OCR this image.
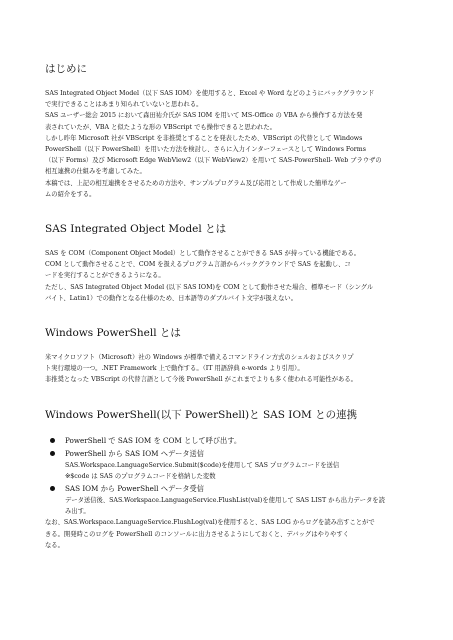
はじめに

SAS Integrated Object Model（以下 SAS IOM）を使用すると、Excel や Word などのようにバックグラウンド

で実行できることはあまり知られていないと思われる。

SAS ユーザー総会 2015 において森田祐介氏が SAS IOM を用いて MS-Office の VBA から操作する方法を発

表されていたが、VBA と似たような形の VBScript でも操作できると思われた。

しかし昨年 Microsoft 社が VBScript を非推奨とすることを発表したため、VBScript の代替として Windows

PowerShell（以下 PowerShell）を用いた方法を検討し、さらに入力インターフェースとして Windows Forms

（以下 Forms）及び Microsoft Edge WebView2（以下 WebView2）を用いて SAS-PowerShell- Web ブラウザの

相互連携の仕組みを考慮してみた。

本稿では、上記の相互連携をさせるための方法や、サンプルプログラム及び応用として作成した簡単なゲー

ムの紹介をする。

SAS Integrated Object Model とは

SAS を COM（Component Object Model）として動作させることができる SAS が持っている機能である。

COM として動作させることで、COM を扱えるプログラム言語からバックグラウンドで SAS を起動し、コ

ードを実行することができるようになる。

ただし、SAS Integrated Object Model (以下 SAS IOM)を COM として動作させた場合、標準モード（シングル

バイト、Latin1）での動作となる仕様のため、日本語等のダブルバイト文字が扱えない。

Windows PowerShell とは

米マイクロソフト（Microsoft）社の Windows が標準で備えるコマンドライン方式のシェルおよびスクリプ

ト実行環境の一つ。.NET Framework 上で動作する。（IT 用語辞典 e-words より引用）。

非推奨となった VBScript の代替言語として今後 PowerShell がこれまでよりも多く使われる可能性がある。

Windows PowerShell(以下 PowerShell)と SAS IOM との連携
PowerShell で SAS IOM を COM として呼び出す。
PowerShell から SAS IOM へデータ送信
SAS.Workspace.LanguageService.Submit($code)を使用して SAS プログラムコードを送信
※$code は SAS のプログラムコードを格納した変数
SAS IOM から PowerShell へデータ受信
データ送信後、SAS.Workspace.LanguageService.FlushList(val)を使用して SAS LIST から出力データを読
み出す。
なお、SAS.Workspace.LanguageService.FlushLog(val)を使用すると、SAS LOG からログを読み出すことがで
きる。開発時このログを PowerShell のコンソールに出力させるようにしておくと、デバッグはやりやすく
なる。
